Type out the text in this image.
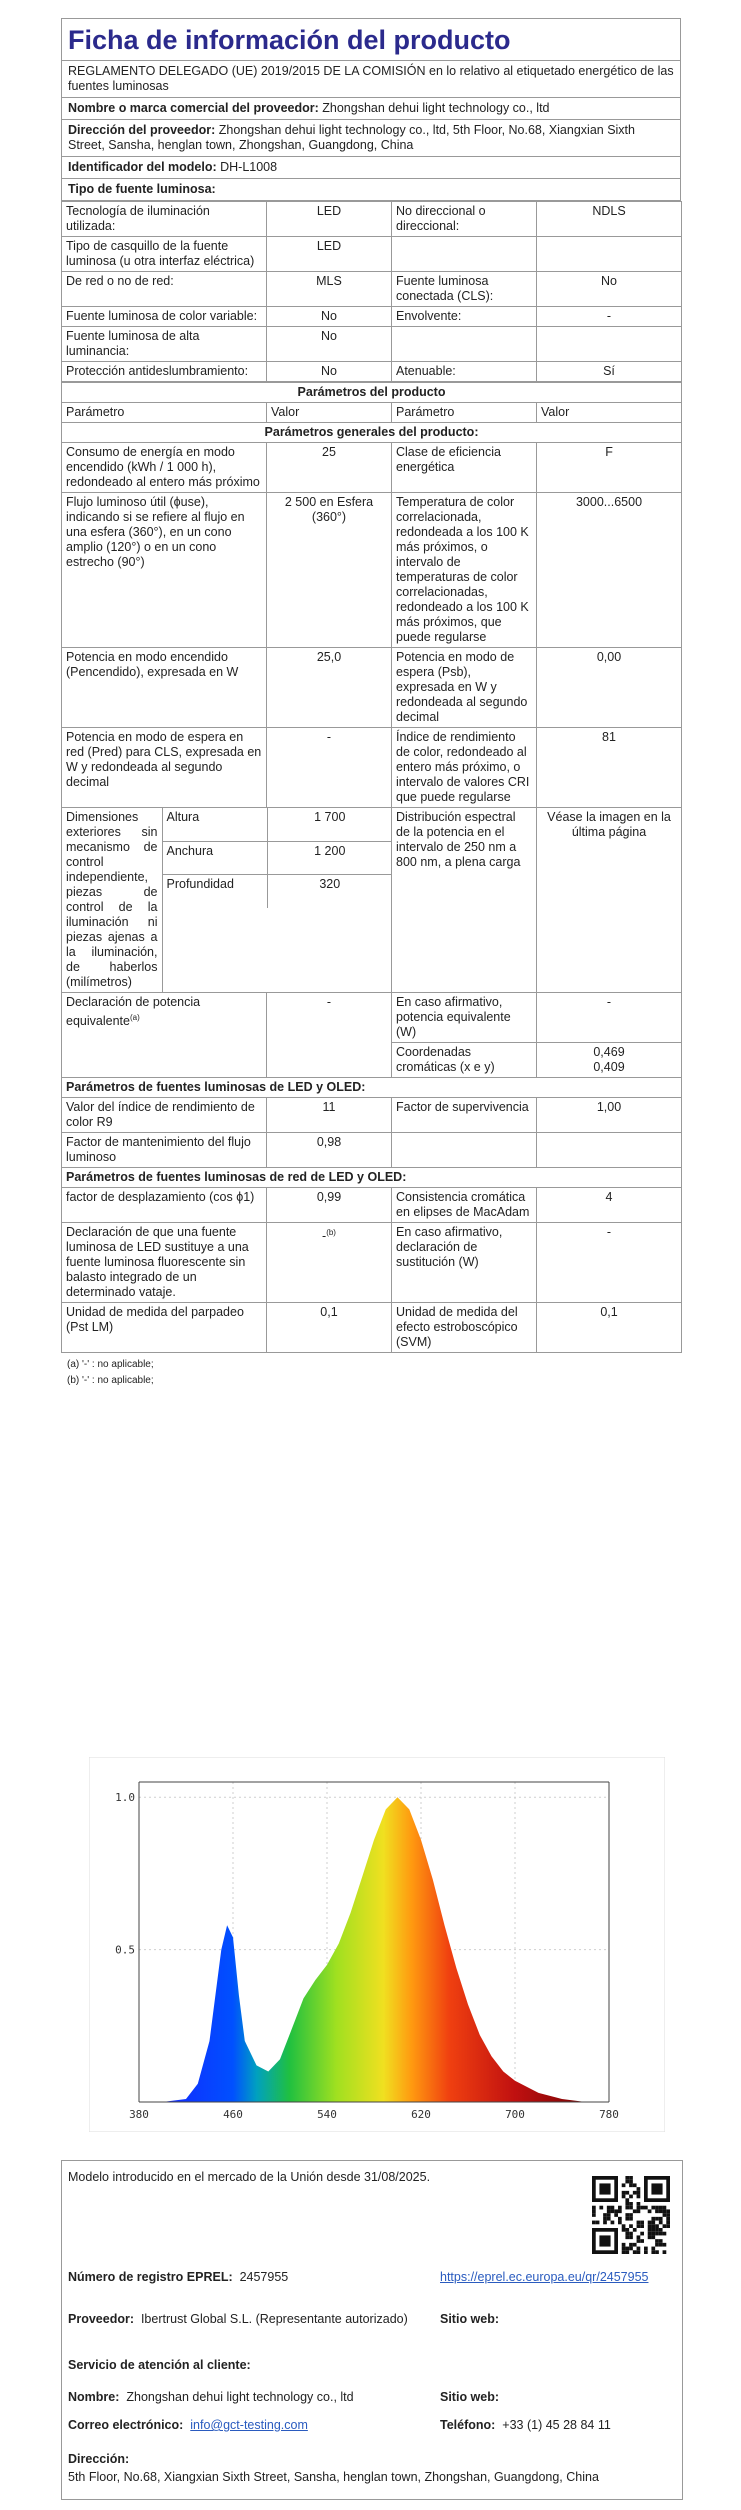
Ficha de información del producto
REGLAMENTO DELEGADO (UE) 2019/2015 DE LA COMISIÓN en lo relativo al etiquetado energético de las fuentes luminosas
Nombre o marca comercial del proveedor: Zhongshan dehui light technology co., ltd
Dirección del proveedor: Zhongshan dehui light technology co., ltd, 5th Floor, No.68, Xiangxian Sixth Street, Sansha, henglan town, Zhongshan, Guangdong, China
Identificador del modelo: DH-L1008
Tipo de fuente luminosa:
Tecnología de iluminación utilizada:	LED	No direccional o direccional:	NDLS
Tipo de casquillo de la fuente luminosa (u otra interfaz eléctrica)	LED		
De red o no de red:	MLS	Fuente luminosa conectada (CLS):	No
Fuente luminosa de color variable:	No	Envolvente:	-
Fuente luminosa de alta luminancia:	No		
Protección antideslumbramiento:	No	Atenuable:	Sí
Parámetros del producto
Parámetro	Valor	Parámetro	Valor
Parámetros generales del producto:
Consumo de energía en modo encendido (kWh / 1 000 h), redondeado al entero más próximo	25	Clase de eficiencia energética	F
Flujo luminoso útil (ϕuse), indicando si se refiere al flujo en una esfera (360°), en un cono amplio (120°) o en un cono estrecho (90°)	2 500 en Esfera (360°)	Temperatura de color correlacionada, redondeada a los 100 K más próximos, o intervalo de temperaturas de color correlacionadas, redondeado a los 100 K más próximos, que puede regularse	3000...6500
Potencia en modo encendido (Pencendido), expresada en W	25,0	Potencia en modo de espera (Psb), expresada en W y redondeada al segundo decimal	0,00
Potencia en modo de espera en red (Pred) para CLS, expresada en W y redondeada al segundo decimal	-	Índice de rendimiento de color, redondeado al entero más próximo, o intervalo de valores CRI que puede regularse	81

Dimensiones exteriores sin mecanismo de control independiente, piezas de control de la iluminación ni piezas ajenas a la iluminación, de haberlos (milímetros)	Altura	1 700
Anchura	1 200
Profundidad	320

	Distribución espectral de la potencia en el intervalo de 250 nm a 800 nm, a plena carga	Véase la imagen en la última página
Declaración de potencia equivalente$^{(a)}$	-	En caso afirmativo, potencia equivalente (W)	-
Coordenadas cromáticas (x e y)	0,469
0,409
Parámetros de fuentes luminosas de LED y OLED:
Valor del índice de rendimiento de color R9	11	Factor de supervivencia	1,00
Factor de mantenimiento del flujo luminoso	0,98		
Parámetros de fuentes luminosas de red de LED y OLED:
factor de desplazamiento (cos ϕ1)	0,99	Consistencia cromática en elipses de MacAdam	4
Declaración de que una fuente luminosa de LED sustituye a una fuente luminosa fluorescente sin balasto integrado de un determinado vataje.	-$^{(b)}$	En caso afirmativo, declaración de sustitución (W)	-
Unidad de medida del parpadeo (Pst LM)	0,1	Unidad de medida del efecto estroboscópico (SVM)	0,1
(a) '-' : no aplicable;
(b) '-' : no aplicable;
380	460	540	620	700	780
0.5
1.0
Modelo introducido en el mercado de la Unión desde 31/08/2025.
Número de registro EPREL: 2457955	https://eprel.ec.europa.eu/qr/2457955
Proveedor: Ibertrust Global S.L. (Representante autorizado)	Sitio web:
Servicio de atención al cliente:
Nombre: Zhongshan dehui light technology co., ltd	Sitio web:
Correo electrónico: info@gct-testing.com	Teléfono: +33 (1) 45 28 84 11
Dirección:
5th Floor, No.68, Xiangxian Sixth Street, Sansha, henglan town, Zhongshan, Guangdong, China
